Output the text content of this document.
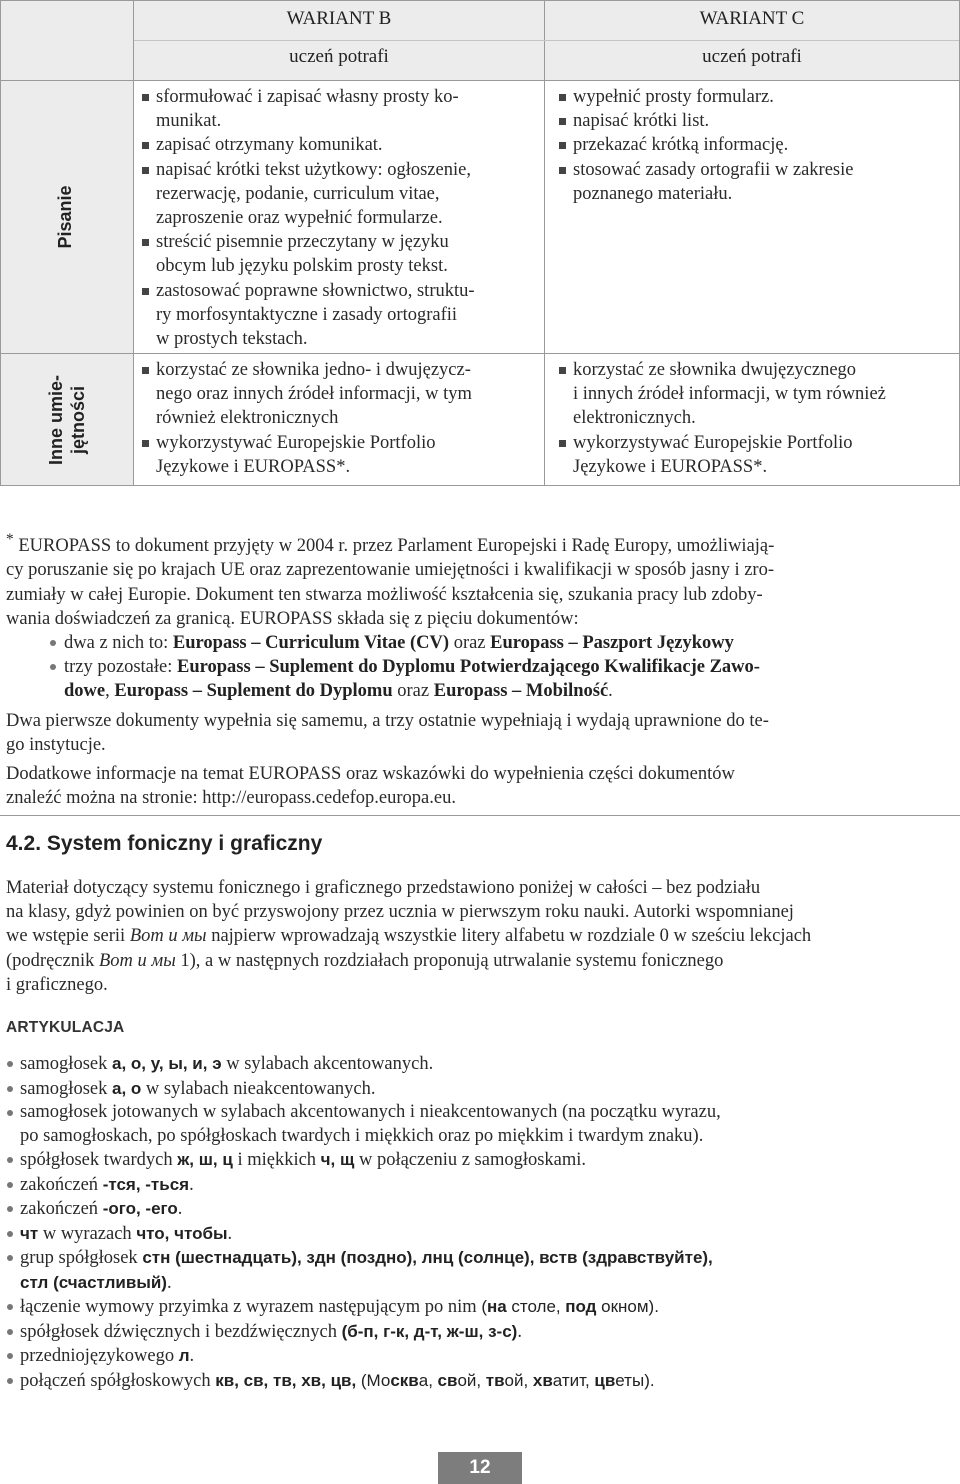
WARIANT B
uczeń potrafi
WARIANT C
uczeń potrafi
Pisanie
Inne umie- jętności
sformułować i zapisać własny prosty ko-
munikat.
zapisać otrzymany komunikat.
napisać krótki tekst użytkowy: ogłoszenie,
rezerwację, podanie, curriculum vitae,
zaproszenie oraz wypełnić formularze.
streścić pisemnie przeczytany w języku
obcym lub języku polskim prosty tekst.
zastosować poprawne słownictwo, struktu-
ry morfosyntaktyczne i zasady ortografii
w prostych tekstach.
wypełnić prosty formularz.
napisać krótki list.
przekazać krótką informację.
stosować zasady ortografii w zakresie
poznanego materiału.
korzystać ze słownika jedno- i dwujęzycz-
nego oraz innych źródeł informacji, w tym
również elektronicznych
wykorzystywać Europejskie Portfolio
Językowe i EUROPASS*.
korzystać ze słownika dwujęzycznego
i innych źródeł informacji, w tym również
elektronicznych.
wykorzystywać Europejskie Portfolio
Językowe i EUROPASS*.

* EUROPASS to dokument przyjęty w 2004 r. przez Parlament Europejski i Radę Europy, umożliwiają-
cy poruszanie się po krajach UE oraz zaprezentowanie umiejętności i kwalifikacji w sposób jasny i zro-
zumiały w całej Europie. Dokument ten stwarza możliwość kształcenia się, szukania pracy lub zdoby-
wania doświadczeń za granicą. EUROPASS składa się z pięciu dokumentów:

dwa z nich to: Europass – Curriculum Vitae (CV) oraz Europass – Paszport Językowy
trzy pozostałe: Europass – Suplement do Dyplomu Potwierdzającego Kwalifikacje Zawo-
dowe, Europass – Suplement do Dyplomu oraz Europass – Mobilność.

Dwa pierwsze dokumenty wypełnia się samemu, a trzy ostatnie wypełniają i wydają uprawnione do te-
go instytucje.

Dodatkowe informacje na temat EUROPASS oraz wskazówki do wypełnienia części dokumentów
znaleźć można na stronie: http://europass.cedefop.europa.eu.

4.2. System foniczny i graficzny
Materiał dotyczący systemu fonicznego i graficznego przedstawiono poniżej w całości – bez podziału
na klasy, gdyż powinien on być przyswojony przez ucznia w pierwszym roku nauki. Autorki wspomnianej
we wstępie serii Вот и мы najpierw wprowadzają wszystkie litery alfabetu w rozdziale 0 w sześciu lekcjach
(podręcznik Вот и мы 1), a w następnych rozdziałach proponują utrwalanie systemu fonicznego
i graficznego.
ARTYKULACJA
samogłosek а, о, у, ы, и, э w sylabach akcentowanych.
samogłosek а, о w sylabach nieakcentowanych.
samogłosek jotowanych w sylabach akcentowanych i nieakcentowanych (na początku wyrazu,
po samogłoskach, po spółgłoskach twardych i miękkich oraz po miękkim i twardym znaku).
spółgłosek twardych ж, ш, ц i miękkich ч, щ w połączeniu z samogłoskami.
zakończeń -тся, -ться.
zakończeń -ого, -его.
чт w wyrazach что, чтобы.
grup spółgłosek стн (шестнадцать), здн (поздно), лнц (солнце), вств (здравствуйте),
стл (счастливый).
łączenie wymowy przyimka z wyrazem następującym po nim (на столе, под окном).
spółgłosek dźwięcznych i bezdźwięcznych (б-п, г-к, д-т, ж-ш, з-с).
przedniojęzykowego л.
połączeń spółgłoskowych кв, св, тв, хв, цв, (Москва, свой, твой, хватит, цветы).
12
